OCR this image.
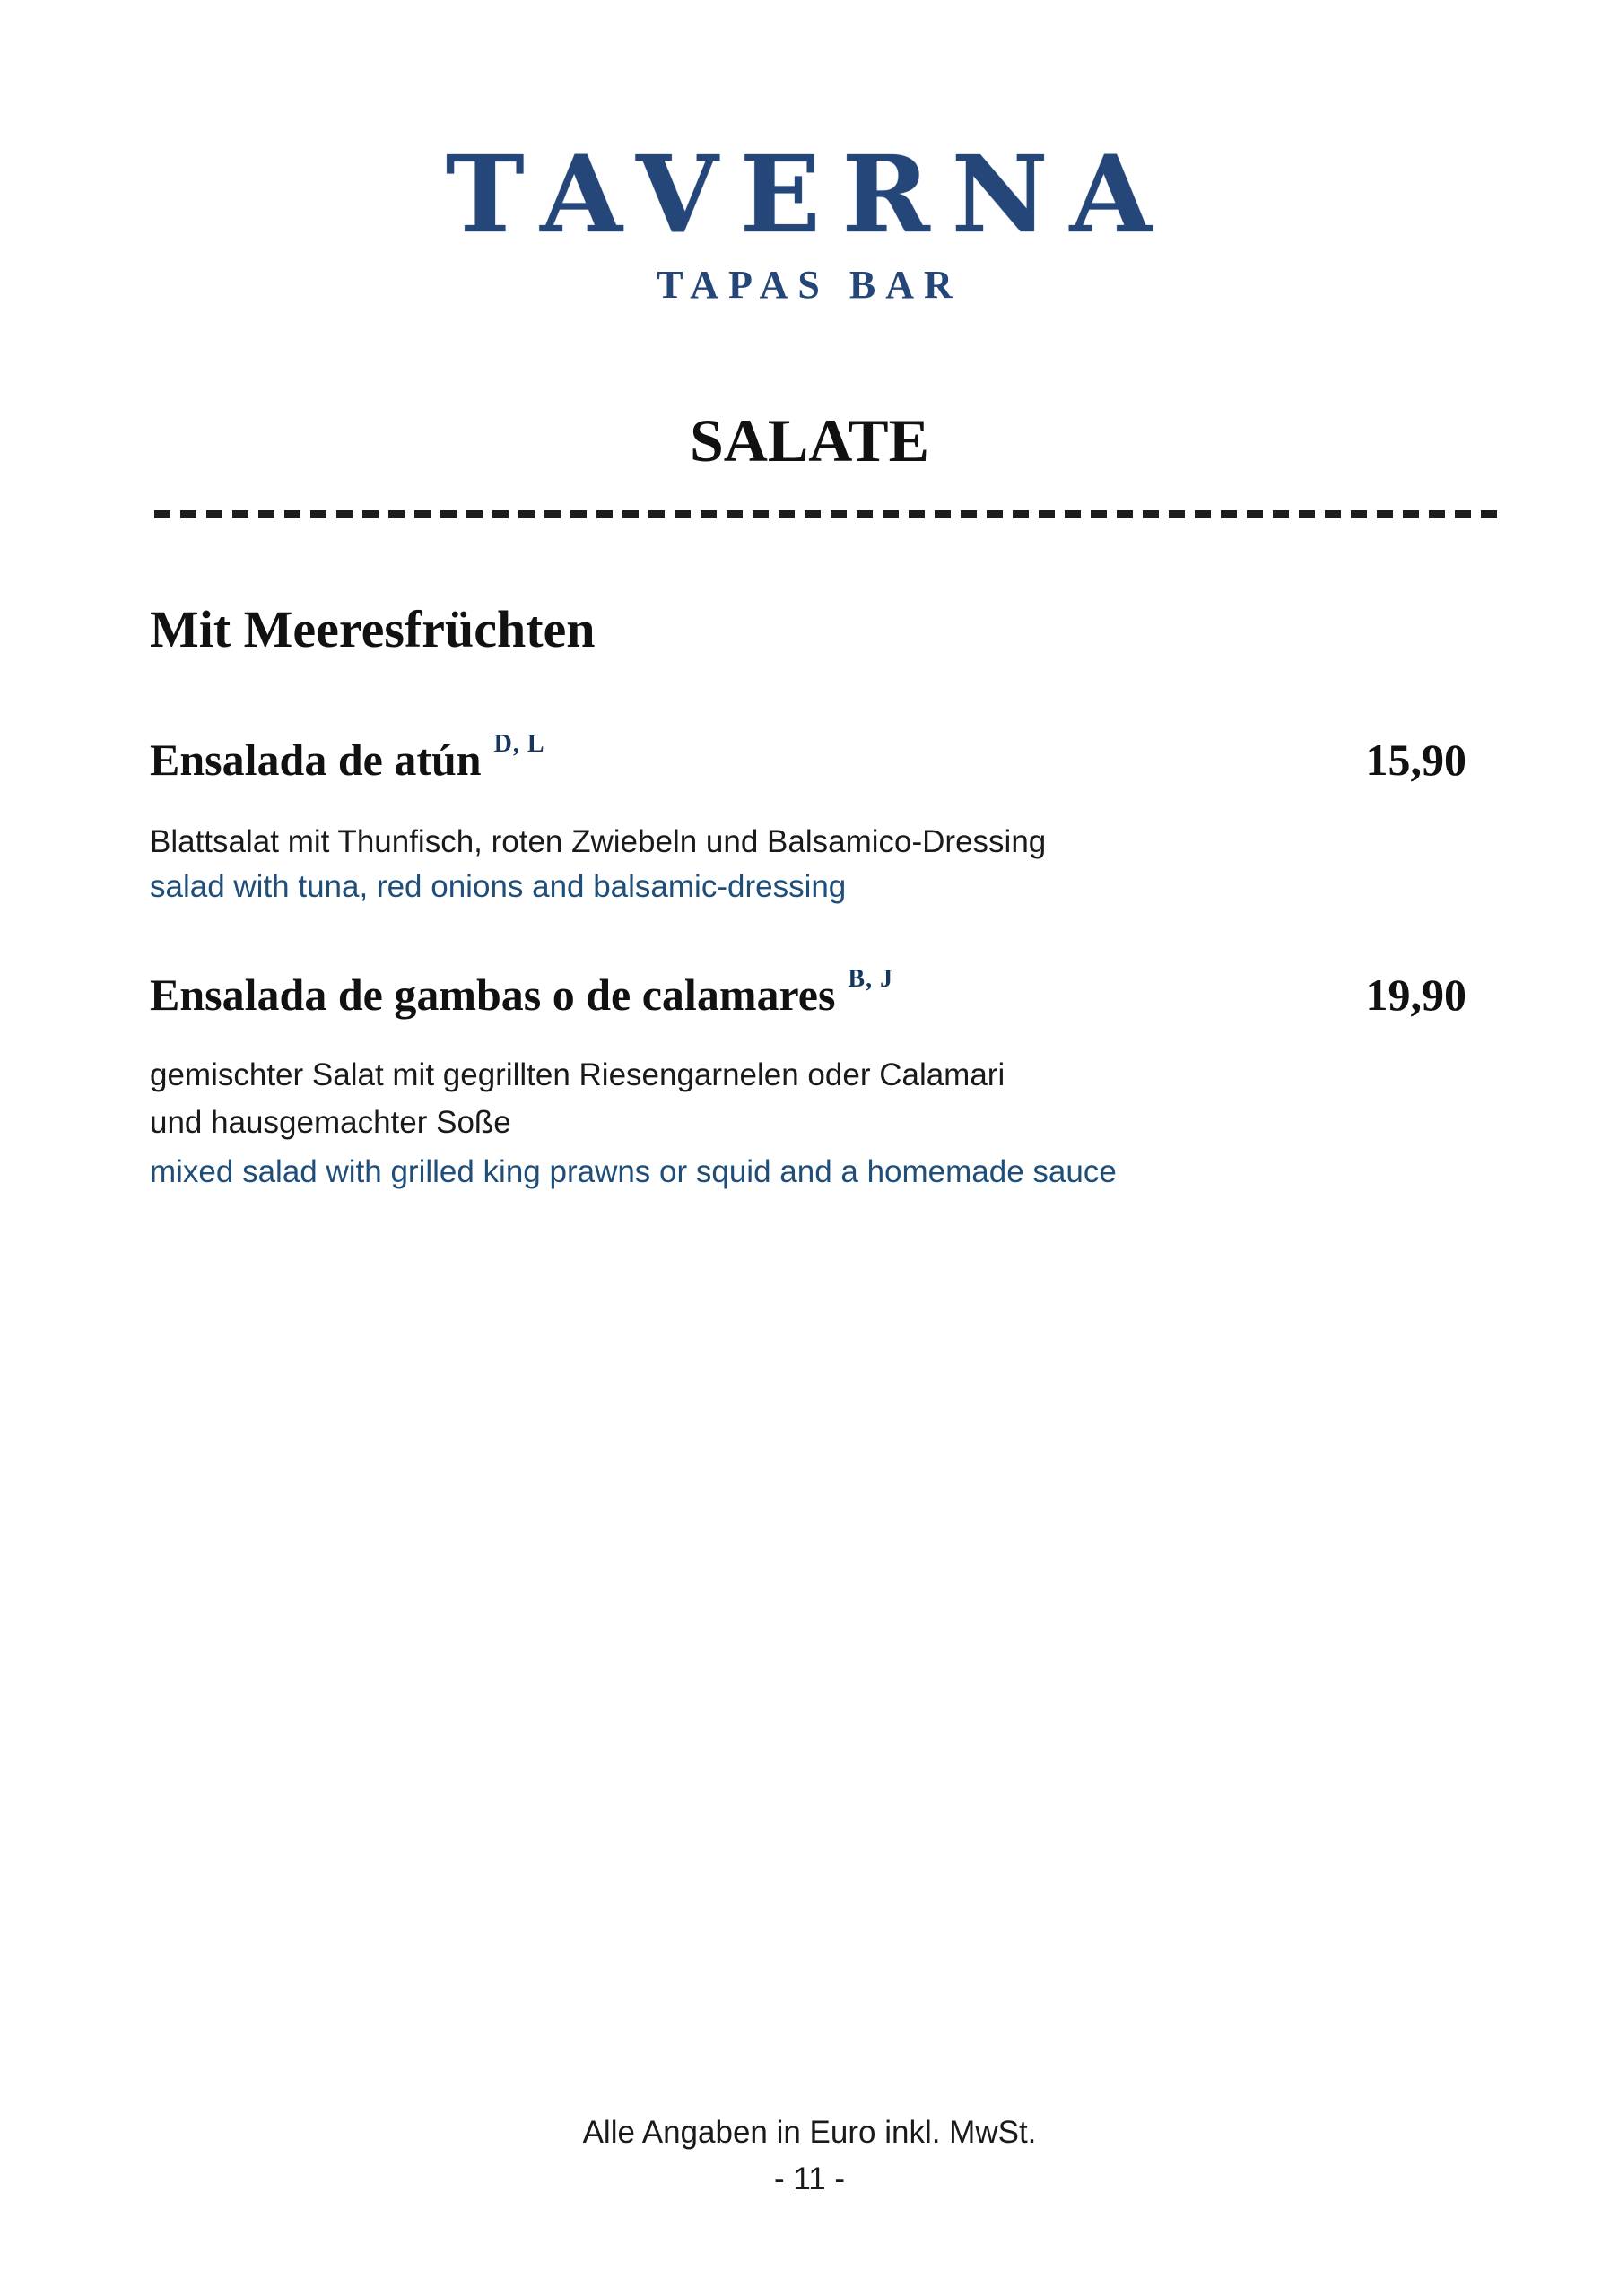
TAVERNA
TAPAS BAR
SALATE
Mit Meeresfrüchten
Ensalada de atún D, L	15,90
Blattsalat mit Thunfisch, roten Zwiebeln und Balsamico-Dressing
salad with tuna, red onions and balsamic-dressing
Ensalada de gambas o de calamares B, J	19,90
gemischter Salat mit gegrillten Riesengarnelen oder Calamari
und hausgemachter Soße
mixed salad with grilled king prawns or squid and a homemade sauce
Alle Angaben in Euro inkl. MwSt.
- 11 -
